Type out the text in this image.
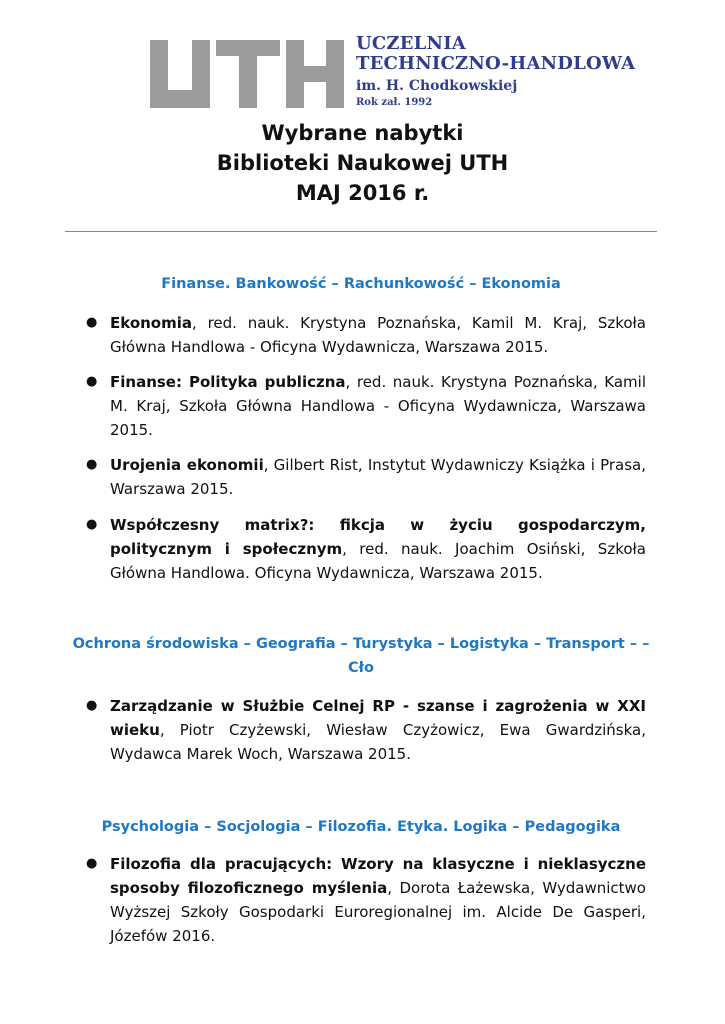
UCZELNIA
TECHNICZNO-HANDLOWA
im. H. Chodkowskiej
Rok zał. 1992
Wybrane nabytki
Biblioteki Naukowej UTH
MAJ 2016 r.
Finanse. Bankowość – Rachunkowość – Ekonomia
● Ekonomia, red. nauk. Krystyna Poznańska, Kamil M. Kraj, Szkoła Główna Handlowa - Oficyna Wydawnicza, Warszawa 2015.
● Finanse: Polityka publiczna, red. nauk. Krystyna Poznańska, Kamil M. Kraj, Szkoła Główna Handlowa - Oficyna Wydawnicza, Warszawa 2015.
● Urojenia ekonomii, Gilbert Rist, Instytut Wydawniczy Książka i Prasa, Warszawa 2015.
● Współczesny matrix?: fikcja w życiu gospodarczym, politycznym i społecznym, red. nauk. Joachim Osiński, Szkoła Główna Handlowa. Oficyna Wydawnicza, Warszawa 2015.
Ochrona środowiska – Geografia – Turystyka – Logistyka – Transport – – Cło
● Zarządzanie w Służbie Celnej RP - szanse i zagrożenia w XXI wieku, Piotr Czyżewski, Wiesław Czyżowicz, Ewa Gwardzińska, Wydawca Marek Woch, Warszawa 2015.
Psychologia – Socjologia – Filozofia. Etyka. Logika – Pedagogika
● Filozofia dla pracujących: Wzory na klasyczne i nieklasyczne sposoby filozoficznego myślenia, Dorota Łażewska, Wydawnictwo Wyższej Szkoły Gospodarki Euroregionalnej im. Alcide De Gasperi, Józefów 2016.
